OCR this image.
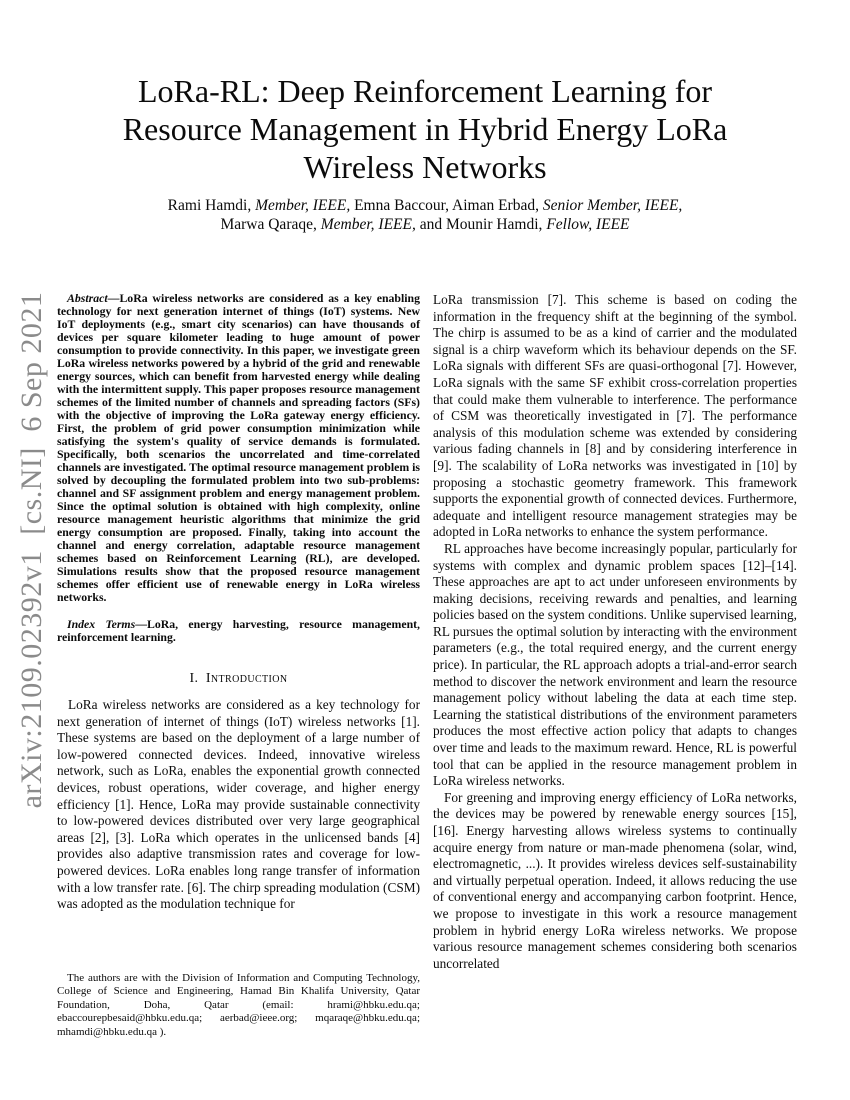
arXiv:2109.02392v1 [cs.NI] 6 Sep 2021
LoRa-RL: Deep Reinforcement Learning for Resource Management in Hybrid Energy LoRa Wireless Networks
Rami Hamdi, Member, IEEE, Emna Baccour, Aiman Erbad, Senior Member, IEEE,
Marwa Qaraqe, Member, IEEE, and Mounir Hamdi, Fellow, IEEE

Abstract—LoRa wireless networks are considered as a key enabling technology for next generation internet of things (IoT) systems. New IoT deployments (e.g., smart city scenarios) can have thousands of devices per square kilometer leading to huge amount of power consumption to provide connectivity. In this paper, we investigate green LoRa wireless networks powered by a hybrid of the grid and renewable energy sources, which can benefit from harvested energy while dealing with the intermittent supply. This paper proposes resource management schemes of the limited number of channels and spreading factors (SFs) with the objective of improving the LoRa gateway energy efficiency. First, the problem of grid power consumption minimization while satisfying the system's quality of service demands is formulated. Specifically, both scenarios the uncorrelated and time-correlated channels are investigated. The optimal resource management problem is solved by decoupling the formulated problem into two sub-problems: channel and SF assignment problem and energy management problem. Since the optimal solution is obtained with high complexity, online resource management heuristic algorithms that minimize the grid energy consumption are proposed. Finally, taking into account the channel and energy correlation, adaptable resource management schemes based on Reinforcement Learning (RL), are developed. Simulations results show that the proposed resource management schemes offer efficient use of renewable energy in LoRa wireless networks.

Index Terms—LoRa, energy harvesting, resource management, reinforcement learning.

I. Introduction

LoRa wireless networks are considered as a key technology for next generation of internet of things (IoT) wireless networks [1]. These systems are based on the deployment of a large number of low-powered connected devices. Indeed, innovative wireless network, such as LoRa, enables the exponential growth connected devices, robust operations, wider coverage, and higher energy efficiency [1]. Hence, LoRa may provide sustainable connectivity to low-powered devices distributed over very large geographical areas [2], [3]. LoRa which operates in the unlicensed bands [4] provides also adaptive transmission rates and coverage for low-powered devices. LoRa enables long range transfer of information with a low transfer rate. [6]. The chirp spreading modulation (CSM) was adopted as the modulation technique for

LoRa transmission [7]. This scheme is based on coding the information in the frequency shift at the beginning of the symbol. The chirp is assumed to be as a kind of carrier and the modulated signal is a chirp waveform which its behaviour depends on the SF. LoRa signals with different SFs are quasi-orthogonal [7]. However, LoRa signals with the same SF exhibit cross-correlation properties that could make them vulnerable to interference. The performance of CSM was theoretically investigated in [7]. The performance analysis of this modulation scheme was extended by considering various fading channels in [8] and by considering interference in [9]. The scalability of LoRa networks was investigated in [10] by proposing a stochastic geometry framework. This framework supports the exponential growth of connected devices. Furthermore, adequate and intelligent resource management strategies may be adopted in LoRa networks to enhance the system performance.

RL approaches have become increasingly popular, particularly for systems with complex and dynamic problem spaces [12]–[14]. These approaches are apt to act under unforeseen environments by making decisions, receiving rewards and penalties, and learning policies based on the system conditions. Unlike supervised learning, RL pursues the optimal solution by interacting with the environment parameters (e.g., the total required energy, and the current energy price). In particular, the RL approach adopts a trial-and-error search method to discover the network environment and learn the resource management policy without labeling the data at each time step. Learning the statistical distributions of the environment parameters produces the most effective action policy that adapts to changes over time and leads to the maximum reward. Hence, RL is powerful tool that can be applied in the resource management problem in LoRa wireless networks.

For greening and improving energy efficiency of LoRa networks, the devices may be powered by renewable energy sources [15], [16]. Energy harvesting allows wireless systems to continually acquire energy from nature or man-made phenomena (solar, wind, electromagnetic, ...). It provides wireless devices self-sustainability and virtually perpetual operation. Indeed, it allows reducing the use of conventional energy and accompanying carbon footprint. Hence, we propose to investigate in this work a resource management problem in hybrid energy LoRa wireless networks. We propose various resource management schemes considering both scenarios uncorrelated

The authors are with the Division of Information and Computing Technology, College of Science and Engineering, Hamad Bin Khalifa University, Qatar Foundation, Doha, Qatar (email: hrami@hbku.edu.qa; ebaccourepbesaid@hbku.edu.qa; aerbad@ieee.org; mqaraqe@hbku.edu.qa; mhamdi@hbku.edu.qa ).
